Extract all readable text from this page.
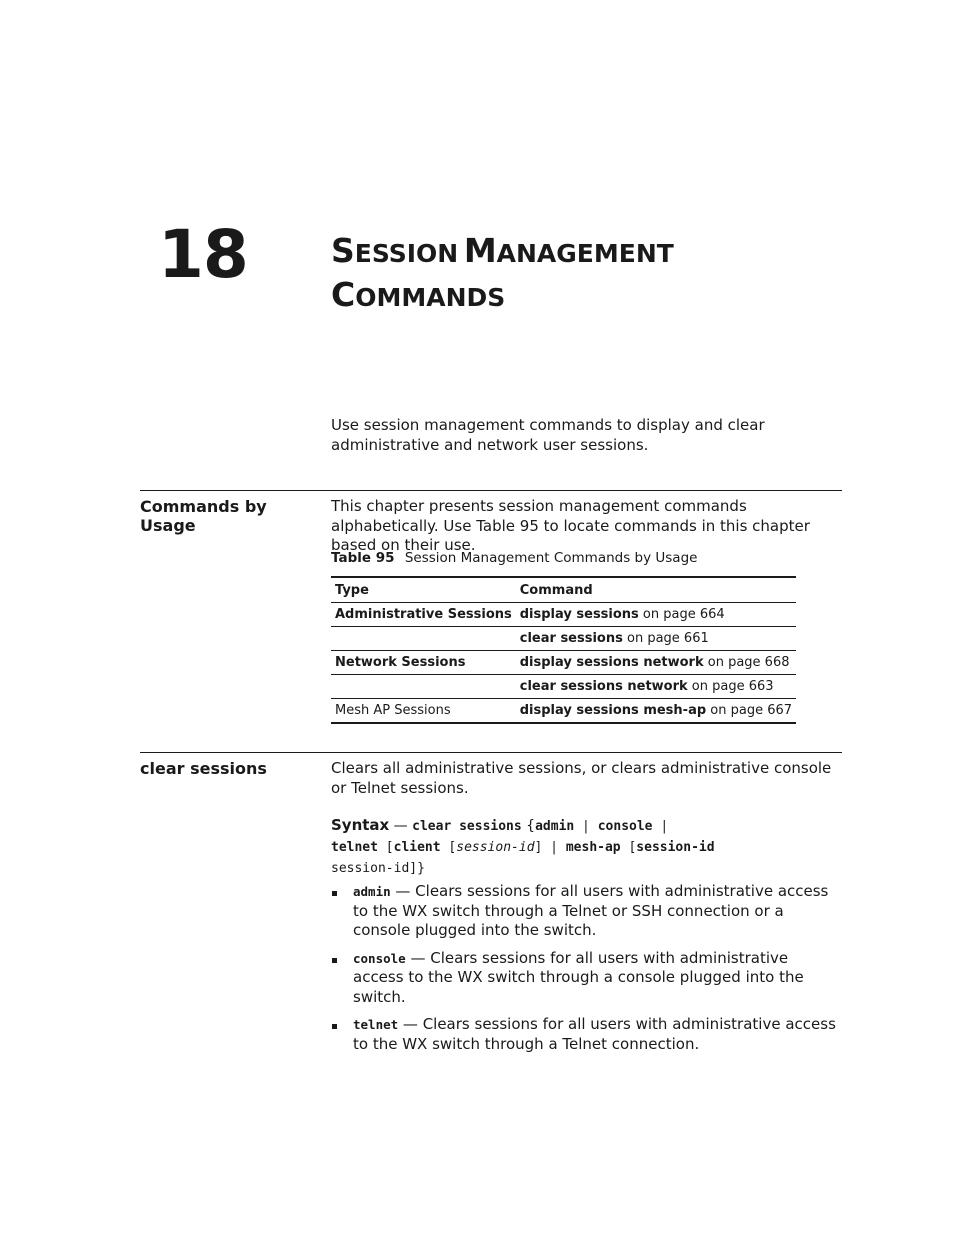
18	SESSION MANAGEMENT
COMMANDS
Use session management commands to display and clear administrative and network user sessions.
Commands by Usage
This chapter presents session management commands alphabetically. Use Table 95 to locate commands in this chapter based on their use.
Table 95 Session Management Commands by Usage
Type	Command
Administrative Sessions	display sessions on page 664
	clear sessions on page 661
Network Sessions	display sessions network on page 668
	clear sessions network on page 663
Mesh AP Sessions	display sessions mesh-ap on page 667
clear sessions	Clears all administrative sessions, or clears administrative console or Telnet sessions.
Syntax — clear sessions {admin | console |
telnet [client [session-id] | mesh-ap [session-id
session-id]}
admin — Clears sessions for all users with administrative access to the WX switch through a Telnet or SSH connection or a console plugged into the switch.
console — Clears sessions for all users with administrative access to the WX switch through a console plugged into the switch.
telnet — Clears sessions for all users with administrative access to the WX switch through a Telnet connection.
